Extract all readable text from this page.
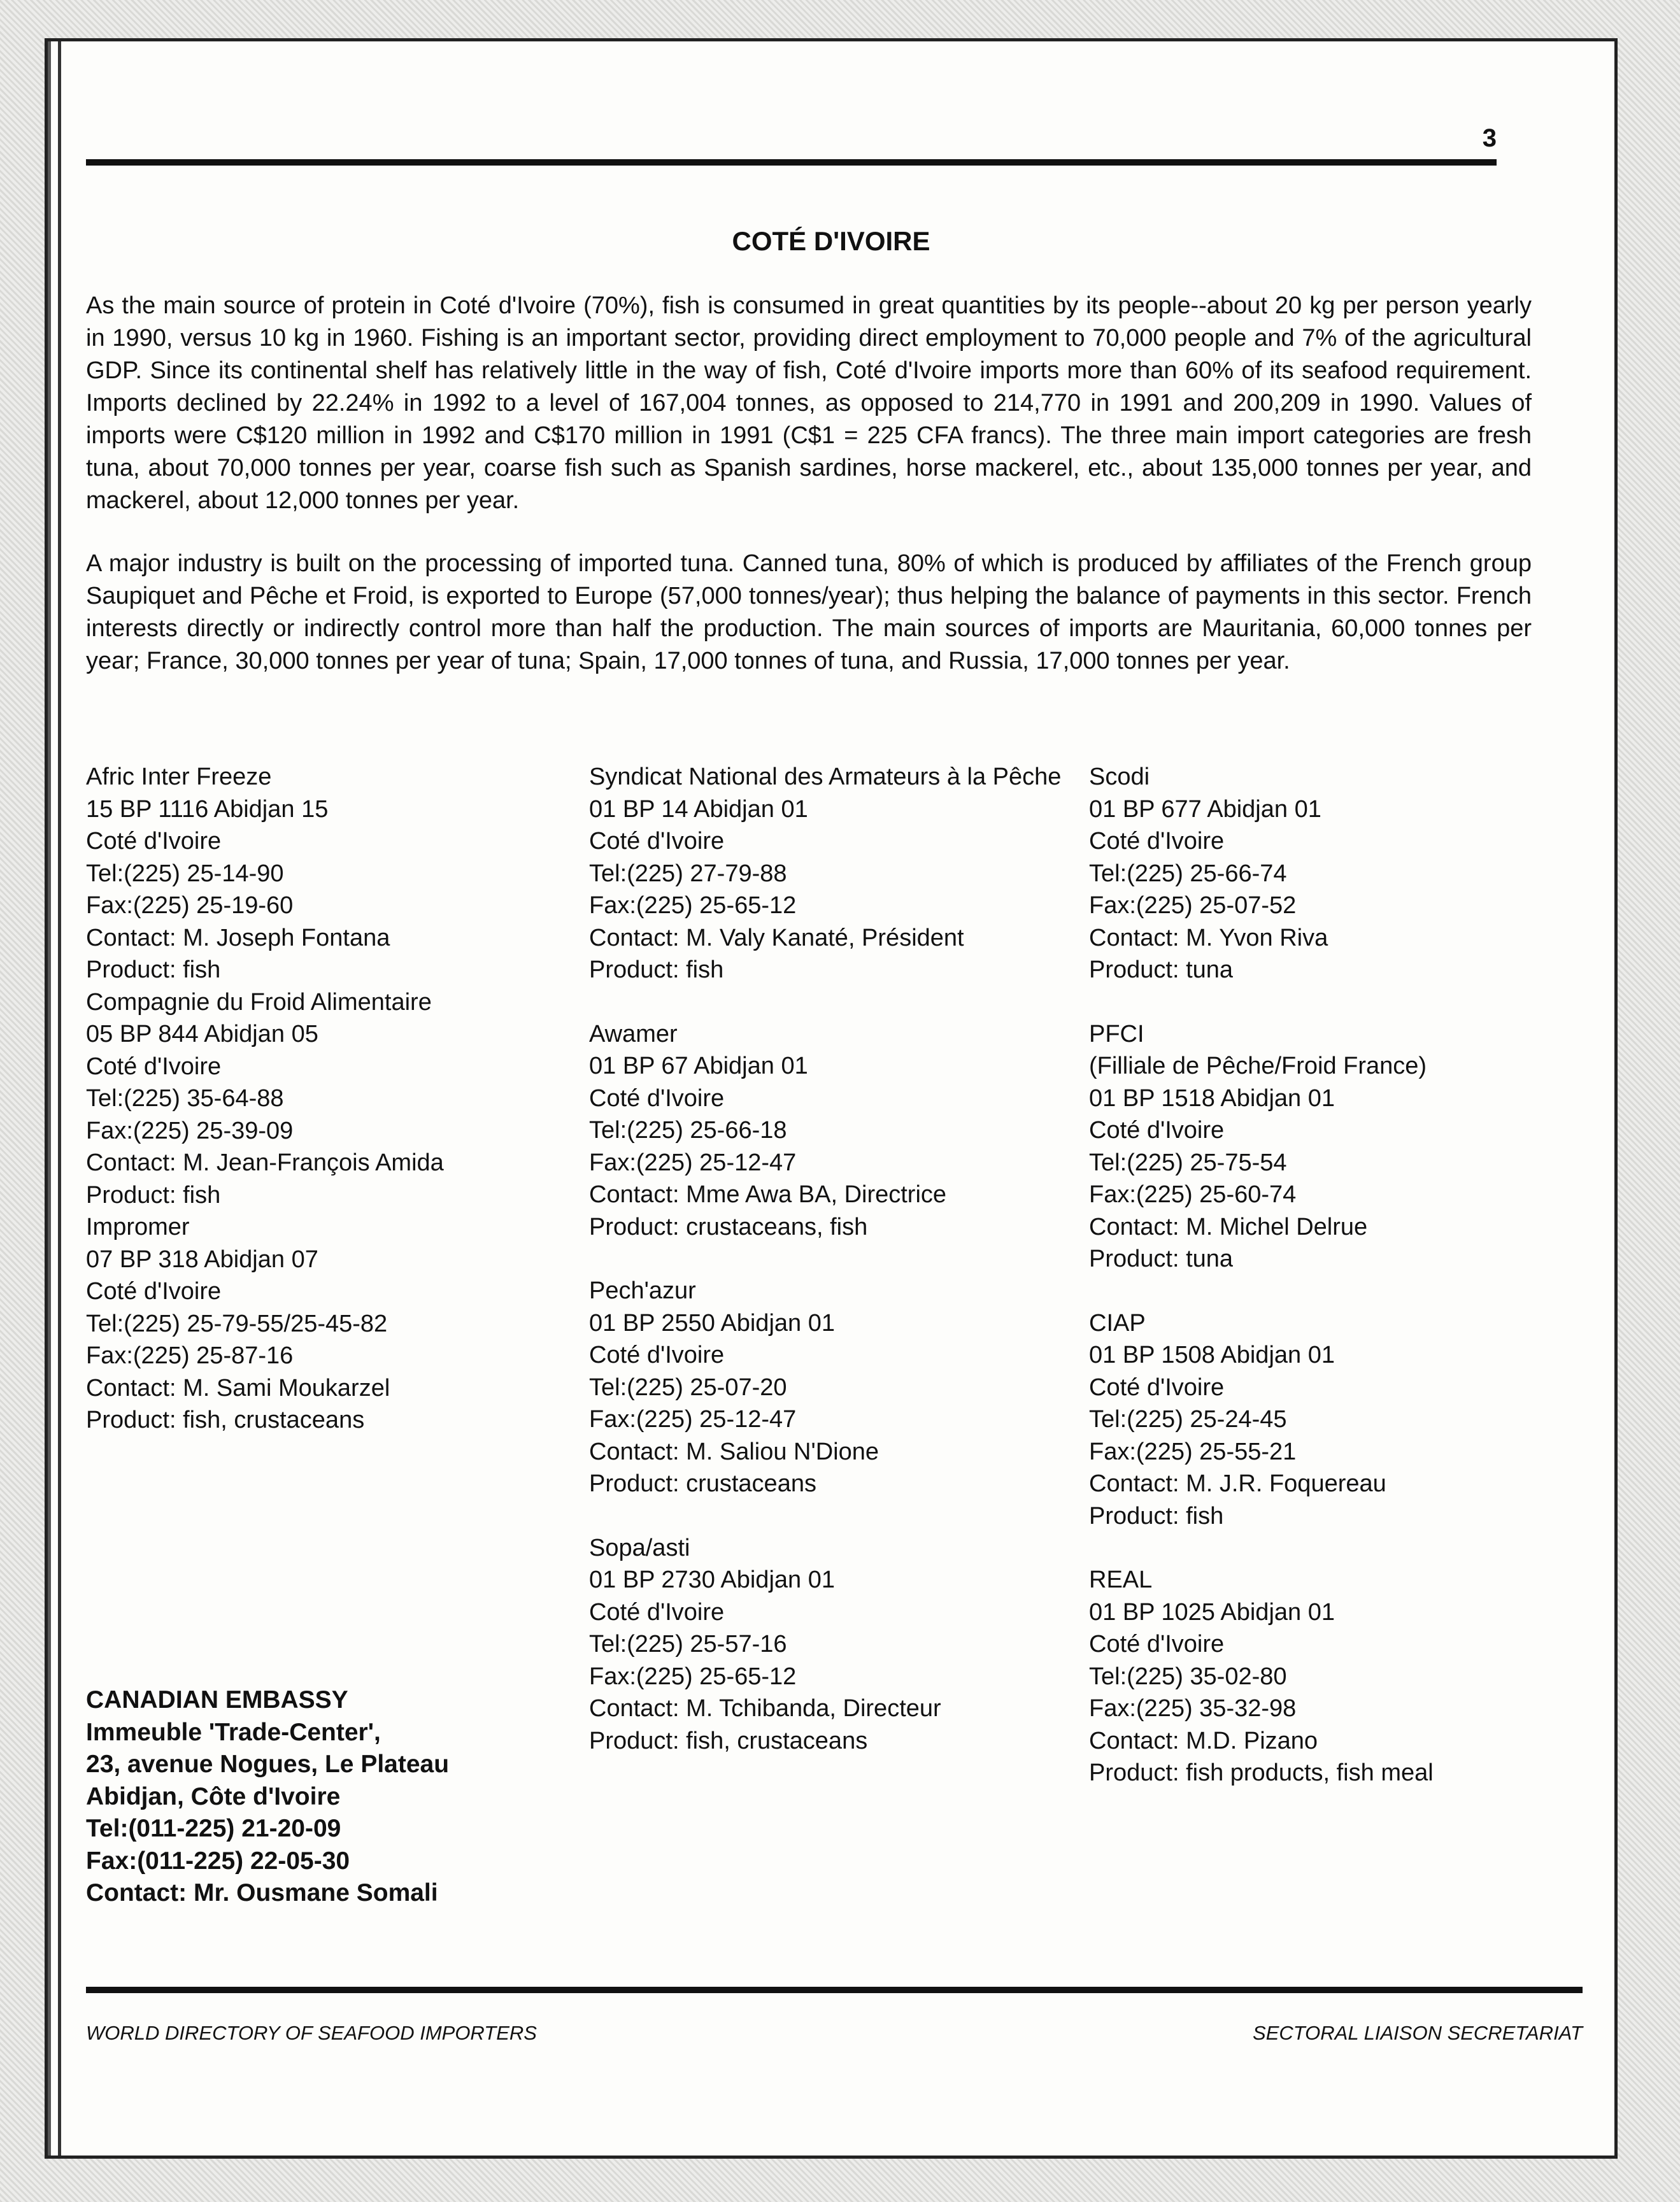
3
COTÉ D'IVOIRE

As the main source of protein in Coté d'Ivoire (70%), fish is consumed in great quantities by its people--about 20 kg per person yearly in 1990, versus 10 kg in 1960. Fishing is an important sector, providing direct employment to 70,000 people and 7% of the agricultural GDP. Since its continental shelf has relatively little in the way of fish, Coté d'Ivoire imports more than 60% of its seafood requirement. Imports declined by 22.24% in 1992 to a level of 167,004 tonnes, as opposed to 214,770 in 1991 and 200,209 in 1990. Values of imports were C$120 million in 1992 and C$170 million in 1991 (C$1 = 225 CFA francs). The three main import categories are fresh tuna, about 70,000 tonnes per year, coarse fish such as Spanish sardines, horse mackerel, etc., about 135,000 tonnes per year, and mackerel, about 12,000 tonnes per year.

A major industry is built on the processing of imported tuna. Canned tuna, 80% of which is produced by affiliates of the French group Saupiquet and Pêche et Froid, is exported to Europe (57,000 tonnes/year); thus helping the balance of payments in this sector. French interests directly or indirectly control more than half the production. The main sources of imports are Mauritania, 60,000 tonnes per year; France, 30,000 tonnes per year of tuna; Spain, 17,000 tonnes of tuna, and Russia, 17,000 tonnes per year.

Afric Inter Freeze
15 BP 1116 Abidjan 15
Coté d'Ivoire
Tel:(225) 25-14-90
Fax:(225) 25-19-60
Contact: M. Joseph Fontana
Product: fish
Compagnie du Froid Alimentaire
05 BP 844 Abidjan 05
Coté d'Ivoire
Tel:(225) 35-64-88
Fax:(225) 25-39-09
Contact: M. Jean-François Amida
Product: fish
Impromer
07 BP 318 Abidjan 07
Coté d'Ivoire
Tel:(225) 25-79-55/25-45-82
Fax:(225) 25-87-16
Contact: M. Sami Moukarzel
Product: fish, crustaceans
Syndicat National des Armateurs à la Pêche
01 BP 14 Abidjan 01
Coté d'Ivoire
Tel:(225) 27-79-88
Fax:(225) 25-65-12
Contact: M. Valy Kanaté, Président
Product: fish
Awamer
01 BP 67 Abidjan 01
Coté d'Ivoire
Tel:(225) 25-66-18
Fax:(225) 25-12-47
Contact: Mme Awa BA, Directrice
Product: crustaceans, fish
Pech'azur
01 BP 2550 Abidjan 01
Coté d'Ivoire
Tel:(225) 25-07-20
Fax:(225) 25-12-47
Contact: M. Saliou N'Dione
Product: crustaceans
Sopa/asti
01 BP 2730 Abidjan 01
Coté d'Ivoire
Tel:(225) 25-57-16
Fax:(225) 25-65-12
Contact: M. Tchibanda, Directeur
Product: fish, crustaceans
Scodi
01 BP 677 Abidjan 01
Coté d'Ivoire
Tel:(225) 25-66-74
Fax:(225) 25-07-52
Contact: M. Yvon Riva
Product: tuna
PFCI
(Filliale de Pêche/Froid France)
01 BP 1518 Abidjan 01
Coté d'Ivoire
Tel:(225) 25-75-54
Fax:(225) 25-60-74
Contact: M. Michel Delrue
Product: tuna
CIAP
01 BP 1508 Abidjan 01
Coté d'Ivoire
Tel:(225) 25-24-45
Fax:(225) 25-55-21
Contact: M. J.R. Foquereau
Product: fish
REAL
01 BP 1025 Abidjan 01
Coté d'Ivoire
Tel:(225) 35-02-80
Fax:(225) 35-32-98
Contact: M.D. Pizano
Product: fish products, fish meal
CANADIAN EMBASSY
Immeuble 'Trade-Center',
23, avenue Nogues, Le Plateau
Abidjan, Côte d'Ivoire
Tel:(011-225) 21-20-09
Fax:(011-225) 22-05-30
Contact: Mr. Ousmane Somali
WORLD DIRECTORY OF SEAFOOD IMPORTERS	SECTORAL LIAISON SECRETARIAT
